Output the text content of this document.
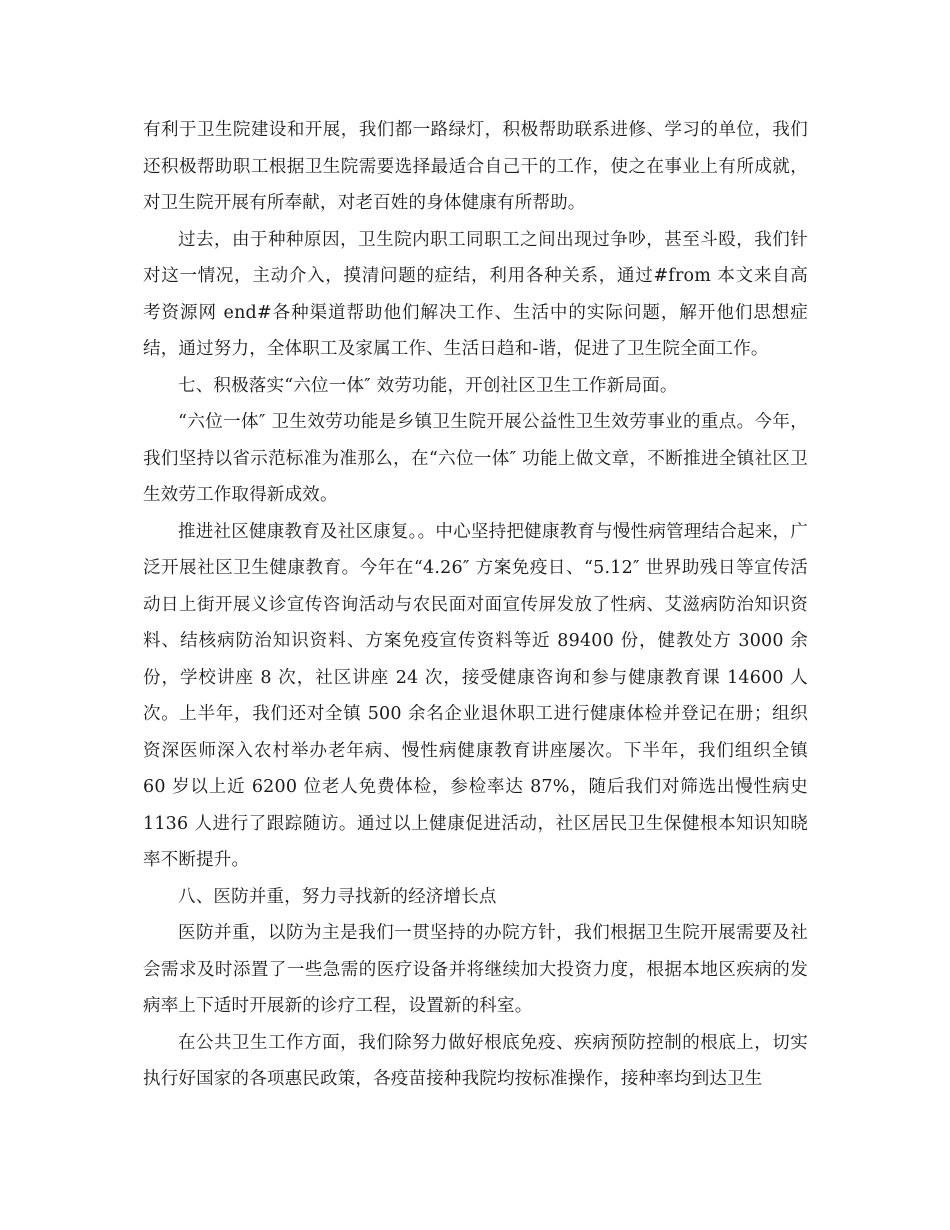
有利于卫生院建设和开展，我们都一路绿灯，积极帮助联系进修、学习的单位，我们还积极帮助职工根据卫生院需要选择最适合自己干的工作，使之在事业上有所成就，对卫生院开展有所奉献，对老百姓的身体健康有所帮助。

过去，由于种种原因，卫生院内职工同职工之间出现过争吵，甚至斗殴，我们针对这一情况，主动介入，摸清问题的症结，利用各种关系，通过#from 本文来自高考资源网 end#各种渠道帮助他们解决工作、生活中的实际问题，解开他们思想症结，通过努力，全体职工及家属工作、生活日趋和-谐，促进了卫生院全面工作。

七、积极落实“六位一体″ 效劳功能，开创社区卫生工作新局面。

“六位一体″ 卫生效劳功能是乡镇卫生院开展公益性卫生效劳事业的重点。今年，我们坚持以省示范标准为准那么，在“六位一体″ 功能上做文章，不断推进全镇社区卫生效劳工作取得新成效。

推进社区健康教育及社区康复。。中心坚持把健康教育与慢性病管理结合起来，广泛开展社区卫生健康教育。今年在“4.26″ 方案免疫日、“5.12″ 世界助残日等宣传活动日上街开展义诊宣传咨询活动与农民面对面宣传屏发放了性病、艾滋病防治知识资料、结核病防治知识资料、方案免疫宣传资料等近 89400 份，健教处方 3000 余份，学校讲座 8 次，社区讲座 24 次，接受健康咨询和参与健康教育课 14600 人次。上半年，我们还对全镇 500 余名企业退休职工进行健康体检并登记在册；组织资深医师深入农村举办老年病、慢性病健康教育讲座屡次。下半年，我们组织全镇 60 岁以上近 6200 位老人免费体检，参检率达 87%，随后我们对筛选出慢性病史 1136 人进行了跟踪随访。通过以上健康促进活动，社区居民卫生保健根本知识知晓率不断提升。

八、医防并重，努力寻找新的经济增长点

医防并重，以防为主是我们一贯坚持的办院方针，我们根据卫生院开展需要及社会需求及时添置了一些急需的医疗设备并将继续加大投资力度，根据本地区疾病的发病率上下适时开展新的诊疗工程，设置新的科室。

在公共卫生工作方面，我们除努力做好根底免疫、疾病预防控制的根底上，切实执行好国家的各项惠民政策，各疫苗接种我院均按标准操作，接种率均到达卫生
